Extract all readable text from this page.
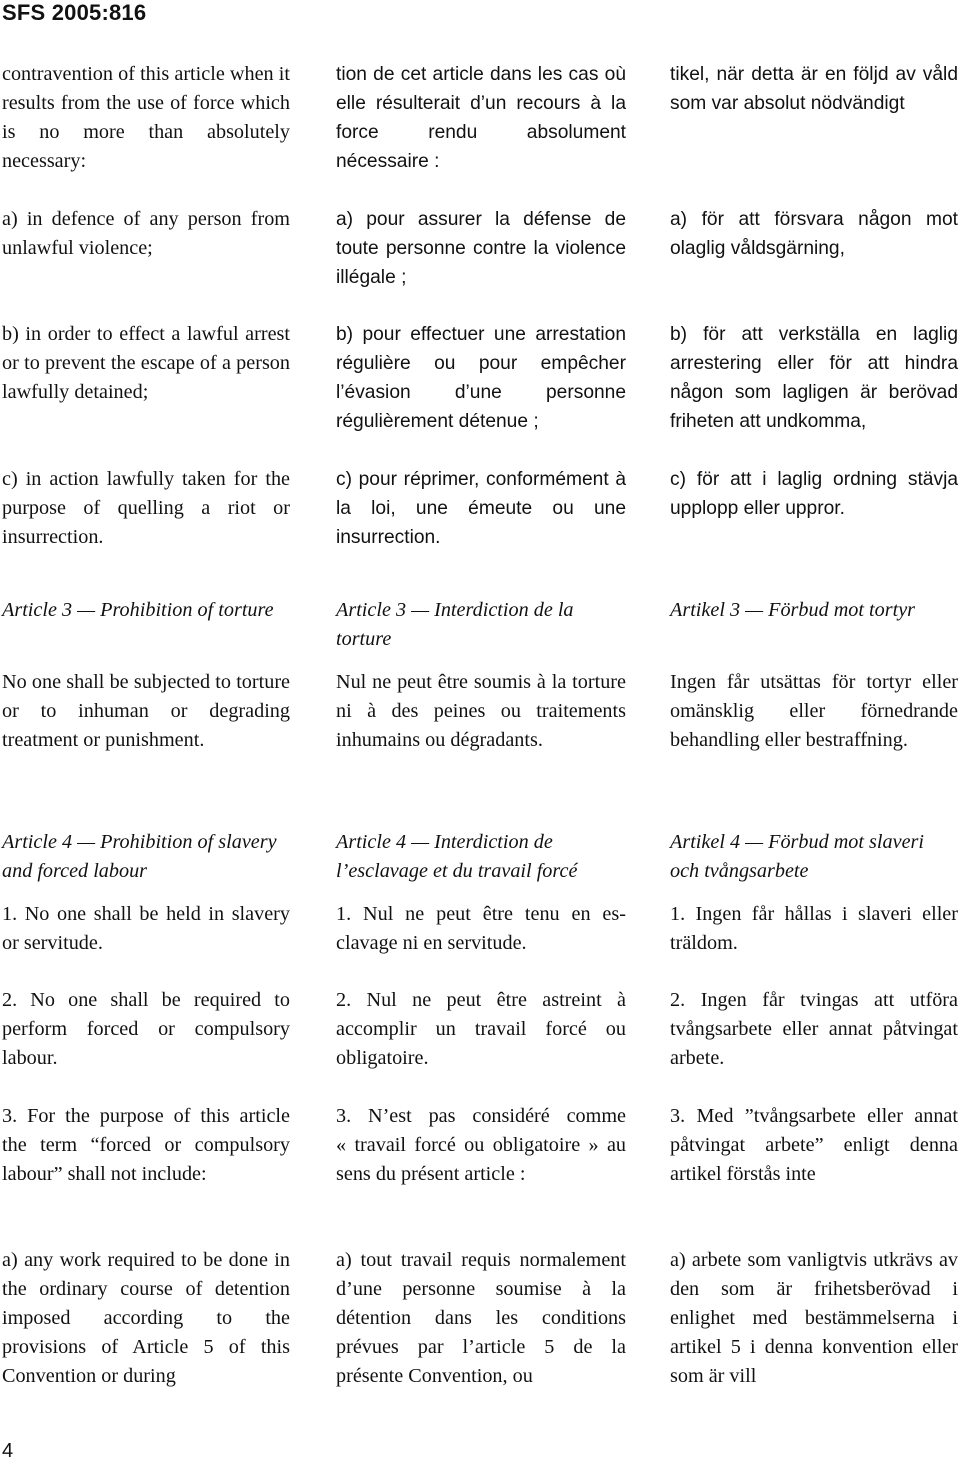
SFS 2005:816
contravention of this article when it results from the use of force which is no more than absolutely necessary:
a) in defence of any person from unlawful violence;
b) in order to effect a lawful arrest or to prevent the escape of a person lawfully detained;
c) in action lawfully taken for the purpose of quelling a riot or insurrection.
Article 3 — Prohibition of torture
No one shall be subjected to torture or to inhuman or degrading treatment or punishment.
Article 4 — Prohibition of slavery and forced labour
1. No one shall be held in slavery or servitude.
2. No one shall be required to perform forced or compulsory labour.
3. For the purpose of this article the term “forced or compulsory labour” shall not include:
a) any work required to be done in the ordinary course of detention imposed according to the provisions of Article 5 of this Convention or during
tion de cet article dans les cas où elle résulterait d’un recours à la force rendu absolument nécessaire :
a) pour assurer la défense de toute personne contre la violence illégale ;
b) pour effectuer une arrestation régulière ou pour empêcher l’évasion d’une personne régulièrement détenue ;
c) pour réprimer, conformément à la loi, une émeute ou une insurrection.
Article 3 — Interdiction de la torture
Nul ne peut être soumis à la torture ni à des peines ou traitements inhumains ou dégradants.
Article 4 — Interdiction de l’esclavage et du travail forcé
1. Nul ne peut être tenu en esclavage ni en servitude.
2. Nul ne peut être astreint à accomplir un travail forcé ou obligatoire.
3. N’est pas considéré comme « travail forcé ou obligatoire » au sens du présent article :
a) tout travail requis normalement d’une personne soumise à la détention dans les conditions prévues par l’article 5 de la présente Convention, ou
tikel, när detta är en följd av våld som var absolut nödvändigt
a) för att försvara någon mot olaglig våldsgärning,
b) för att verkställa en laglig arrestering eller för att hindra någon som lagligen är berövad friheten att undkomma,
c) för att i laglig ordning stävja upplopp eller uppror.
Artikel 3 — Förbud mot tortyr
Ingen får utsättas för tortyr eller omänsklig eller förnedrande behandling eller bestraffning.
Artikel 4 — Förbud mot slaveri och tvångsarbete
1. Ingen får hållas i slaveri eller träldom.
2. Ingen får tvingas att utföra tvångsarbete eller annat påtvingat arbete.
3. Med ”tvångsarbete eller annat påtvingat arbete” enligt denna artikel förstås inte
a) arbete som vanligtvis utkrävs av den som är frihetsberövad i enlighet med bestämmelserna i artikel 5 i denna konvention eller som är vill
4
